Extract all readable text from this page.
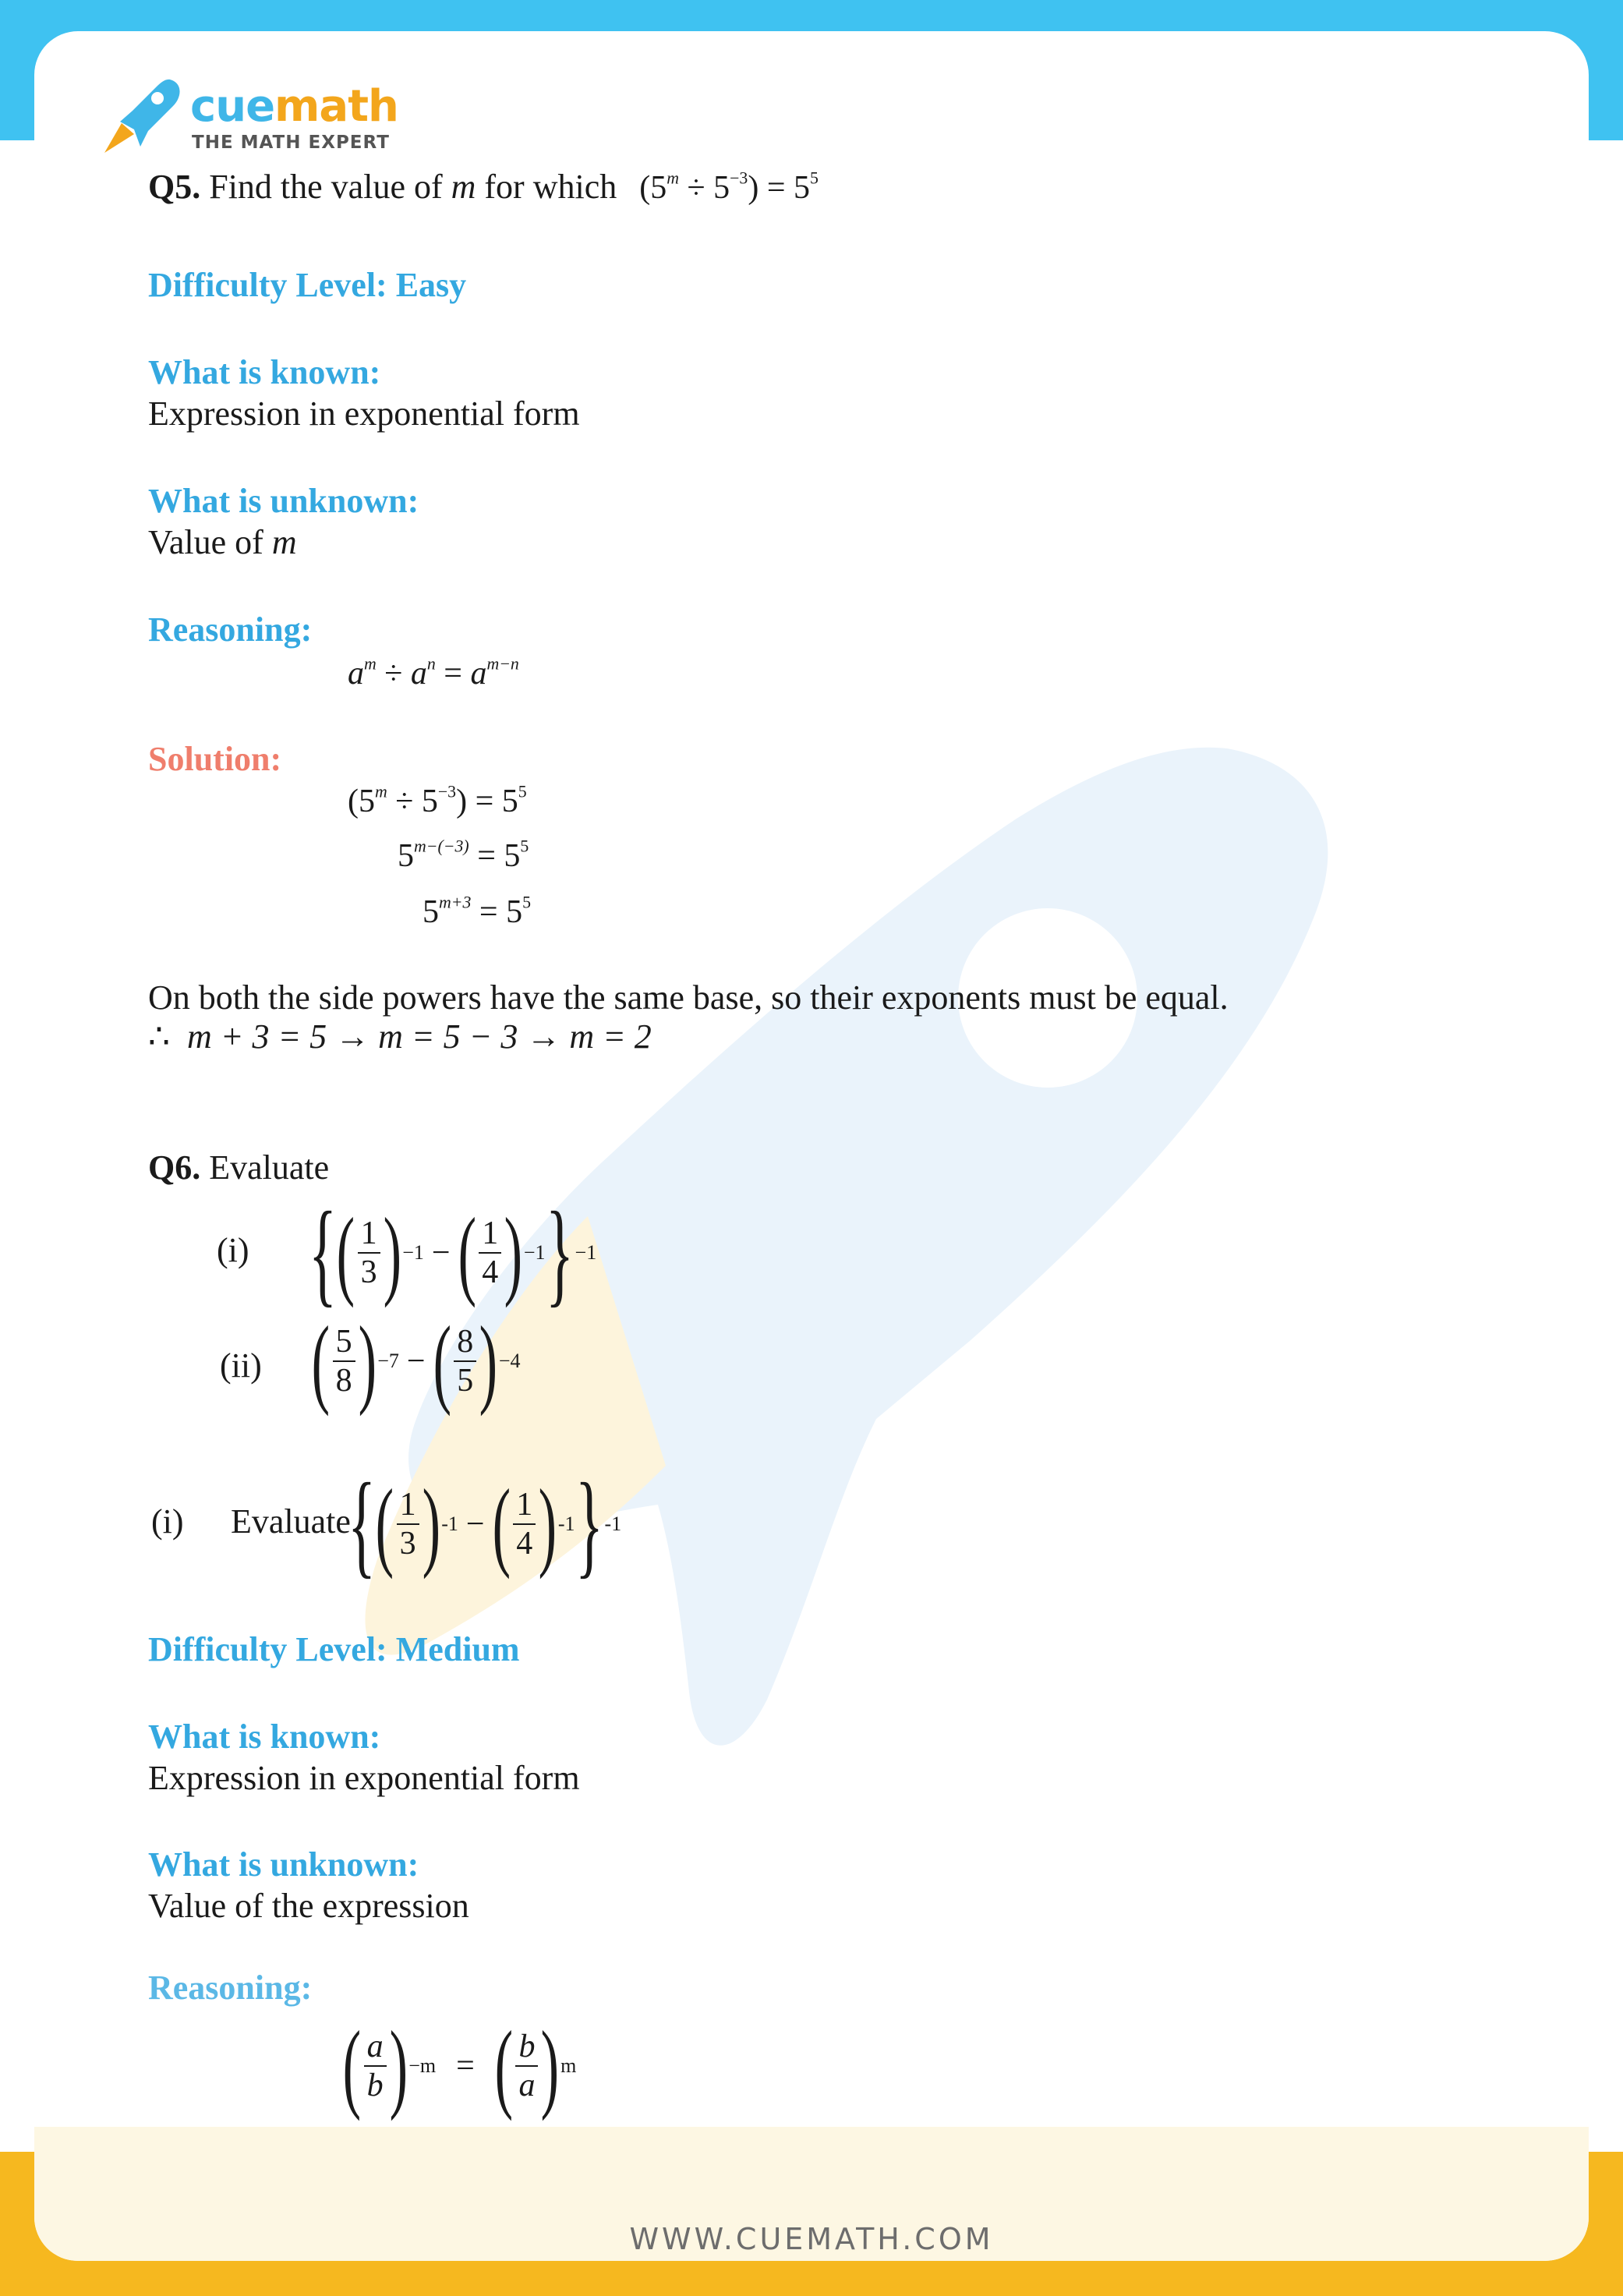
WWW.CUEMATH.COM
cuemath
THE MATH EXPERT
Q5. Find the value of m for which $(5^m \div 5^{-3}) = 5^5$
Difficulty Level: Easy
What is known:
Expression in exponential form
What is unknown:
Value of m
Reasoning:
$a^m \div a^n = a^{m-n}$
Solution:
$(5^m \div 5^{-3}) = 5^5$
$5^{m-(-3)} = 5^5$
$5^{m+3} = 5^5$
On both the side powers have the same base, so their exponents must be equal.
∴ m + 3 = 5 → m = 5 − 3 → m = 2
Q6. Evaluate
(i) { ( $\frac{1}{3}$ ) −1 − ( $\frac{1}{4}$ ) −1 } −1
(ii) ( $\frac{5}{8}$ ) −7 − ( $\frac{8}{5}$ ) −4
(i) Evaluate
{ ( $\frac{1}{3}$ ) -1 − ( $\frac{1}{4}$ ) -1 } -1
Difficulty Level: Medium
What is known:
Expression in exponential form
What is unknown:
Value of the expression
Reasoning:
( $\frac{a}{b}$ ) −m = ( $\frac{b}{a}$ ) m
